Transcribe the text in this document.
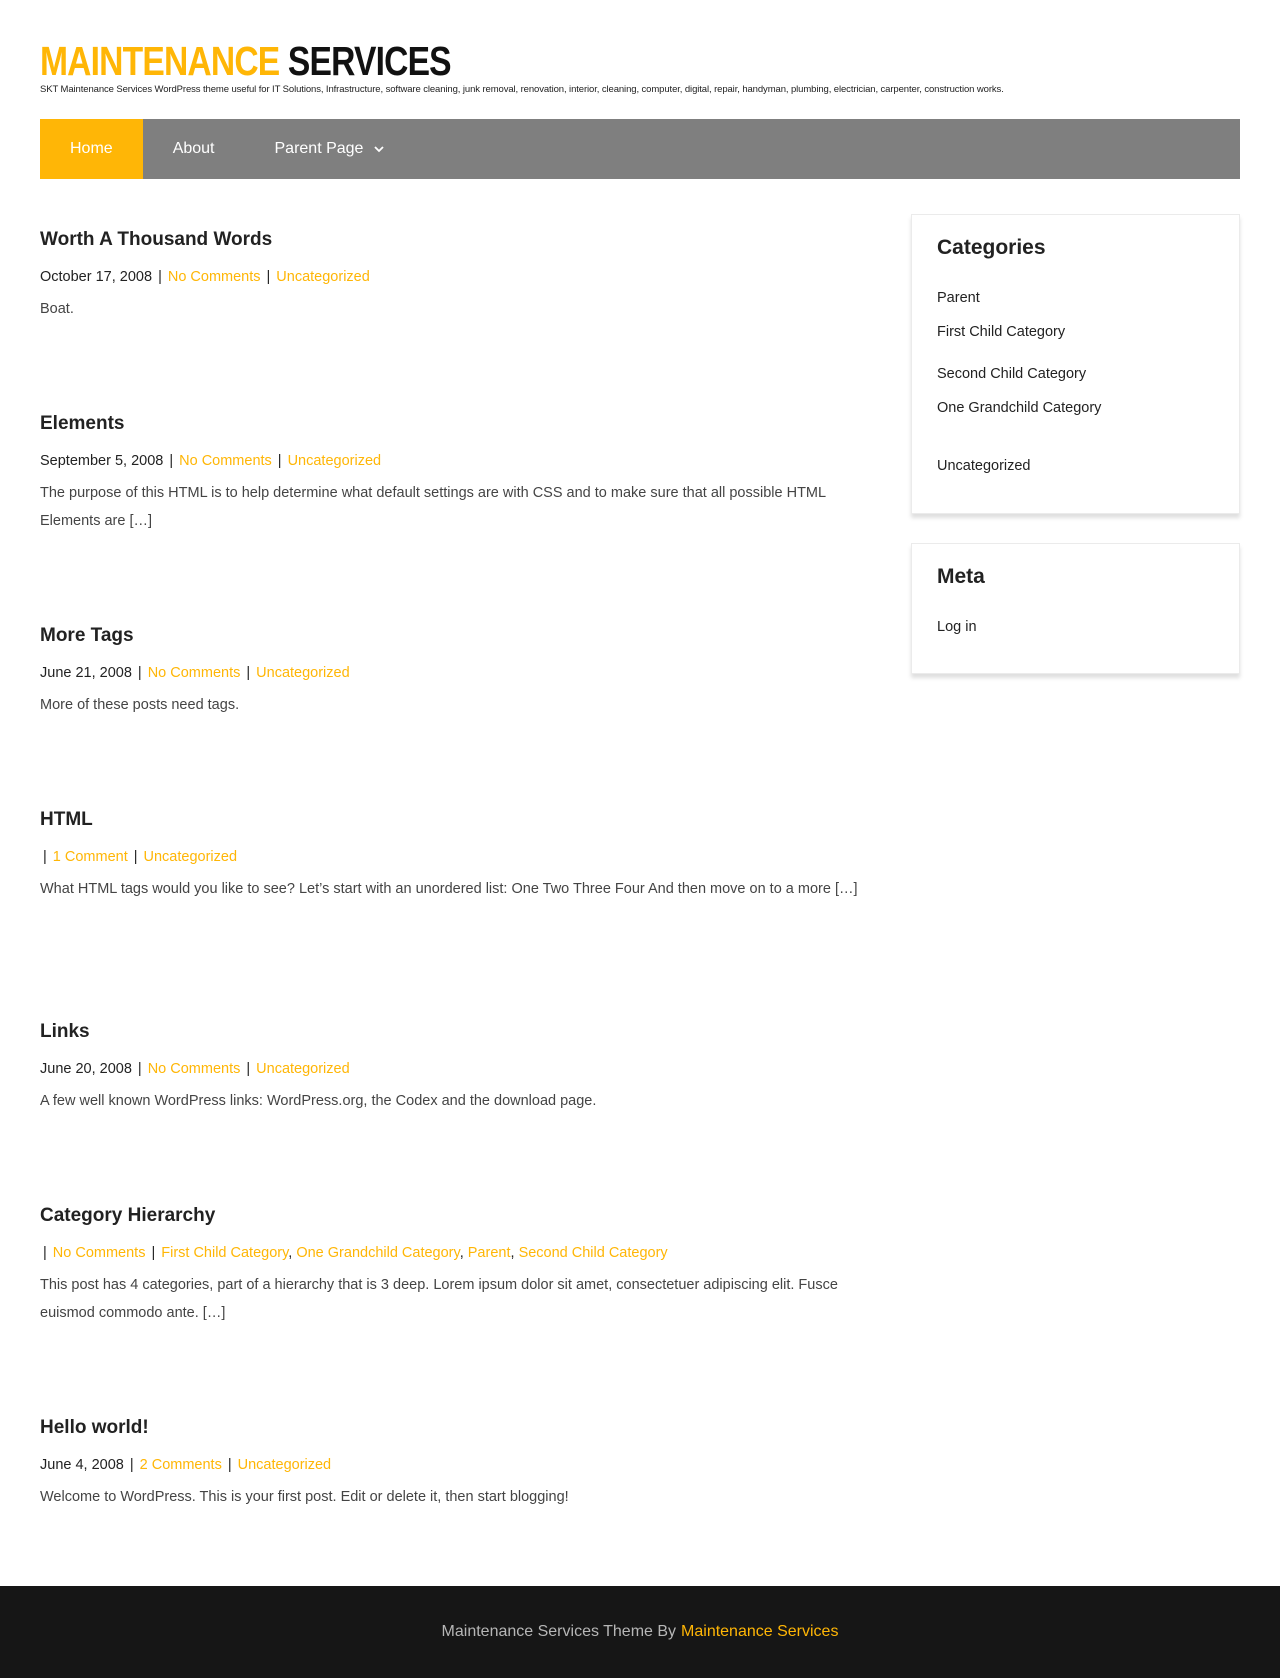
MAINTENANCE SERVICES
SKT Maintenance Services WordPress theme useful for IT Solutions, Infrastructure, software cleaning, junk removal, renovation, interior, cleaning, computer, digital, repair, handyman, plumbing, electrician, carpenter, construction works.
Home	About	Parent Page
Worth A Thousand Words
October 17, 2008 | No Comments | Uncategorized

Boat.

Elements
September 5, 2008 | No Comments | Uncategorized

The purpose of this HTML is to help determine what default settings are with CSS and to make sure that all possible HTML Elements are […]

More Tags
June 21, 2008 | No Comments | Uncategorized

More of these posts need tags.

HTML
| 1 Comment | Uncategorized

What HTML tags would you like to see? Let’s start with an unordered list: One Two Three Four And then move on to a more […]

Links
June 20, 2008 | No Comments | Uncategorized

A few well known WordPress links: WordPress.org, the Codex and the download page.

Category Hierarchy
| No Comments | First Child Category, One Grandchild Category, Parent, Second Child Category

This post has 4 categories, part of a hierarchy that is 3 deep. Lorem ipsum dolor sit amet, consectetuer adipiscing elit. Fusce euismod commodo ante. […]

Hello world!
June 4, 2008 | 2 Comments | Uncategorized

Welcome to WordPress. This is your first post. Edit or delete it, then start blogging!

Categories
Parent
First Child Category
Second Child Category
One Grandchild Category
Uncategorized
Meta
Log in
Maintenance Services Theme By Maintenance Services
